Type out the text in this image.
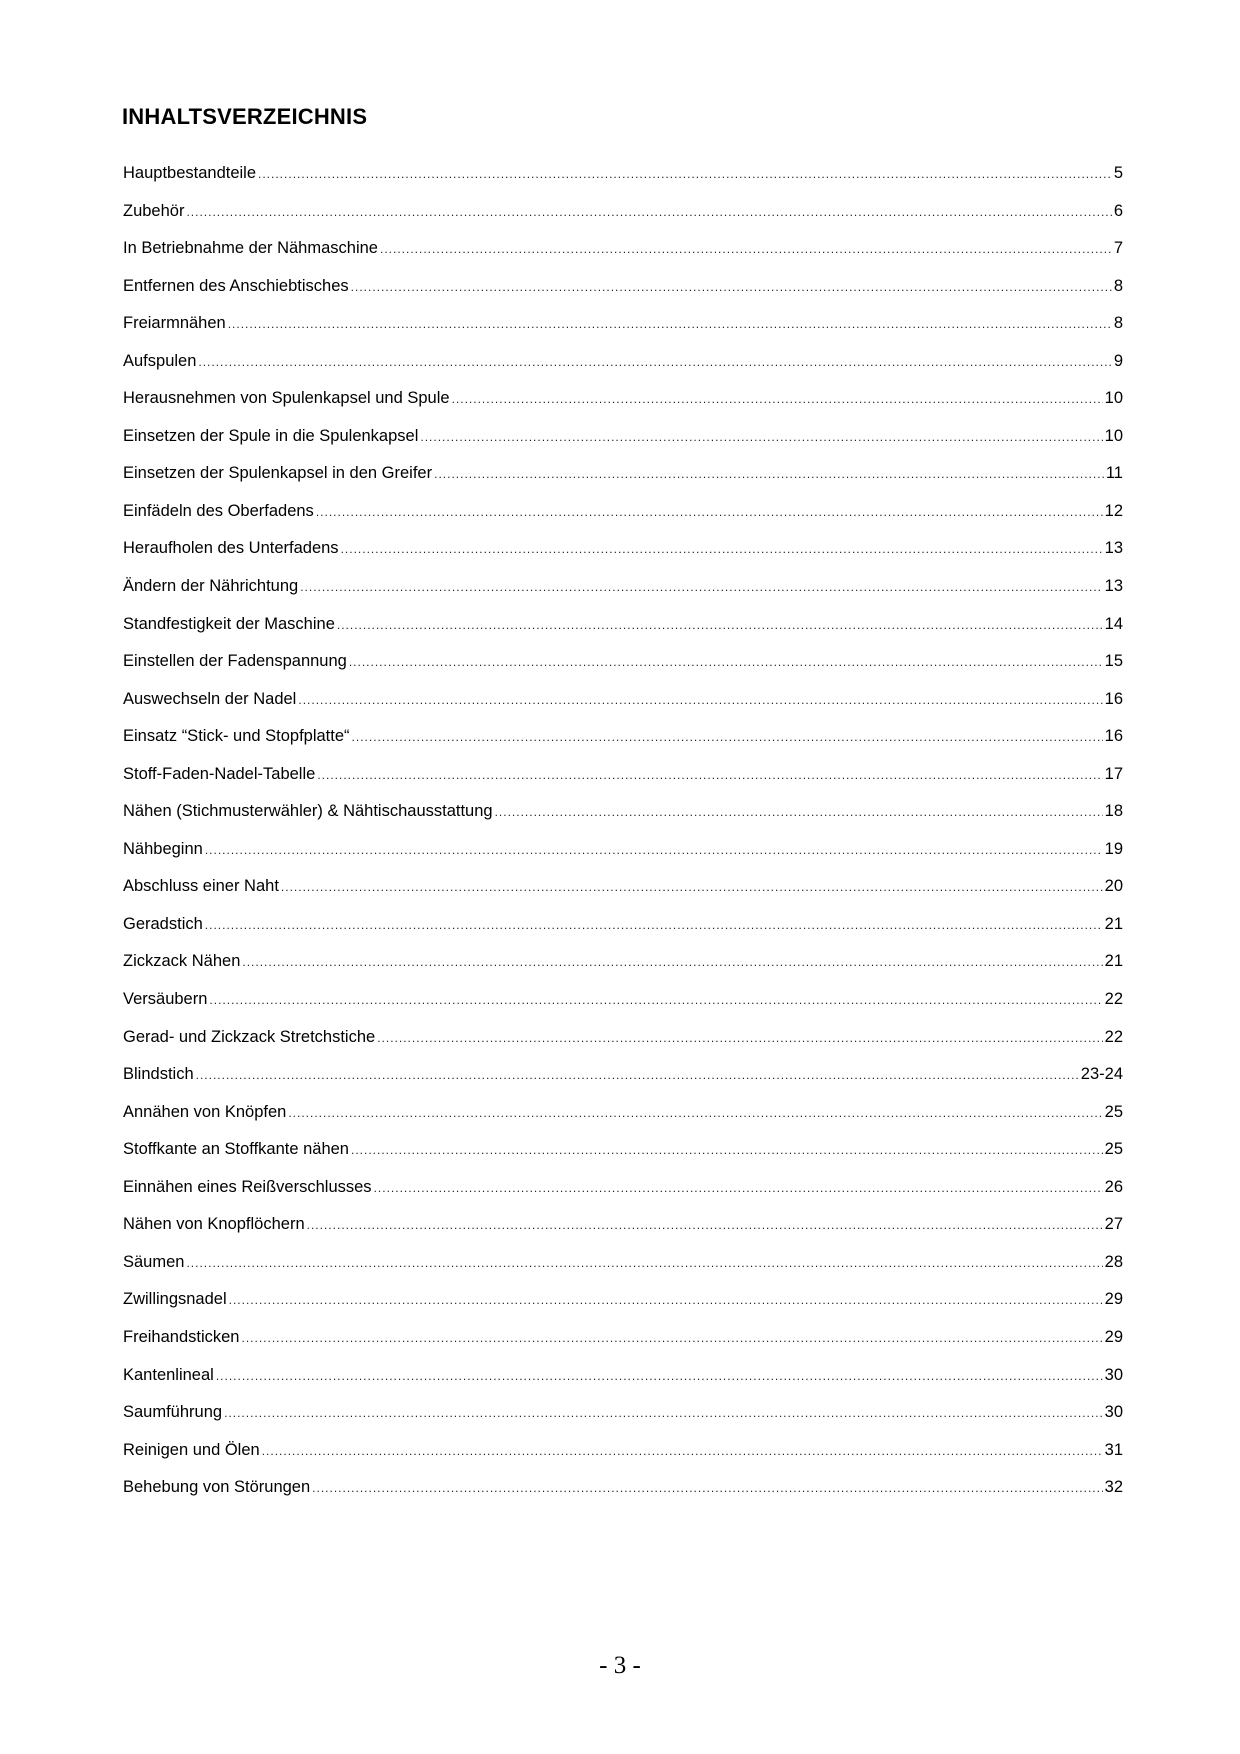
INHALTSVERZEICHNIS
Hauptbestandteile .....	5
Zubehör .....	6
In Betriebnahme der Nähmaschine .....	7
Entfernen des Anschiebtisches .....	8
Freiarmnähen .....	8
Aufspulen .....	9
Herausnehmen von Spulenkapsel und Spule .....	10
Einsetzen der Spule in die Spulenkapsel .....	10
Einsetzen der Spulenkapsel in den Greifer .....	11
Einfädeln des Oberfadens .....	12
Heraufholen des Unterfadens .....	13
Ändern der Nährichtung .....	13
Standfestigkeit der Maschine .....	14
Einstellen der Fadenspannung .....	15
Auswechseln der Nadel .....	16
Einsatz “Stick- und Stopfplatte“ .....	16
Stoff-Faden-Nadel-Tabelle .....	17
Nähen (Stichmusterwähler) & Nähtischausstattung .....	18
Nähbeginn .....	19
Abschluss einer Naht .....	20
Geradstich .....	21
Zickzack Nähen .....	21
Versäubern .....	22
Gerad- und Zickzack Stretchstiche .....	22
Blindstich .....	23-24
Annähen von Knöpfen .....	25
Stoffkante an Stoffkante nähen .....	25
Einnähen eines Reißverschlusses .....	26
Nähen von Knopflöchern .....	27
Säumen .....	28
Zwillingsnadel .....	29
Freihandsticken .....	29
Kantenlineal .....	30
Saumführung .....	30
Reinigen und Ölen .....	31
Behebung von Störungen .....	32
- 3 -
